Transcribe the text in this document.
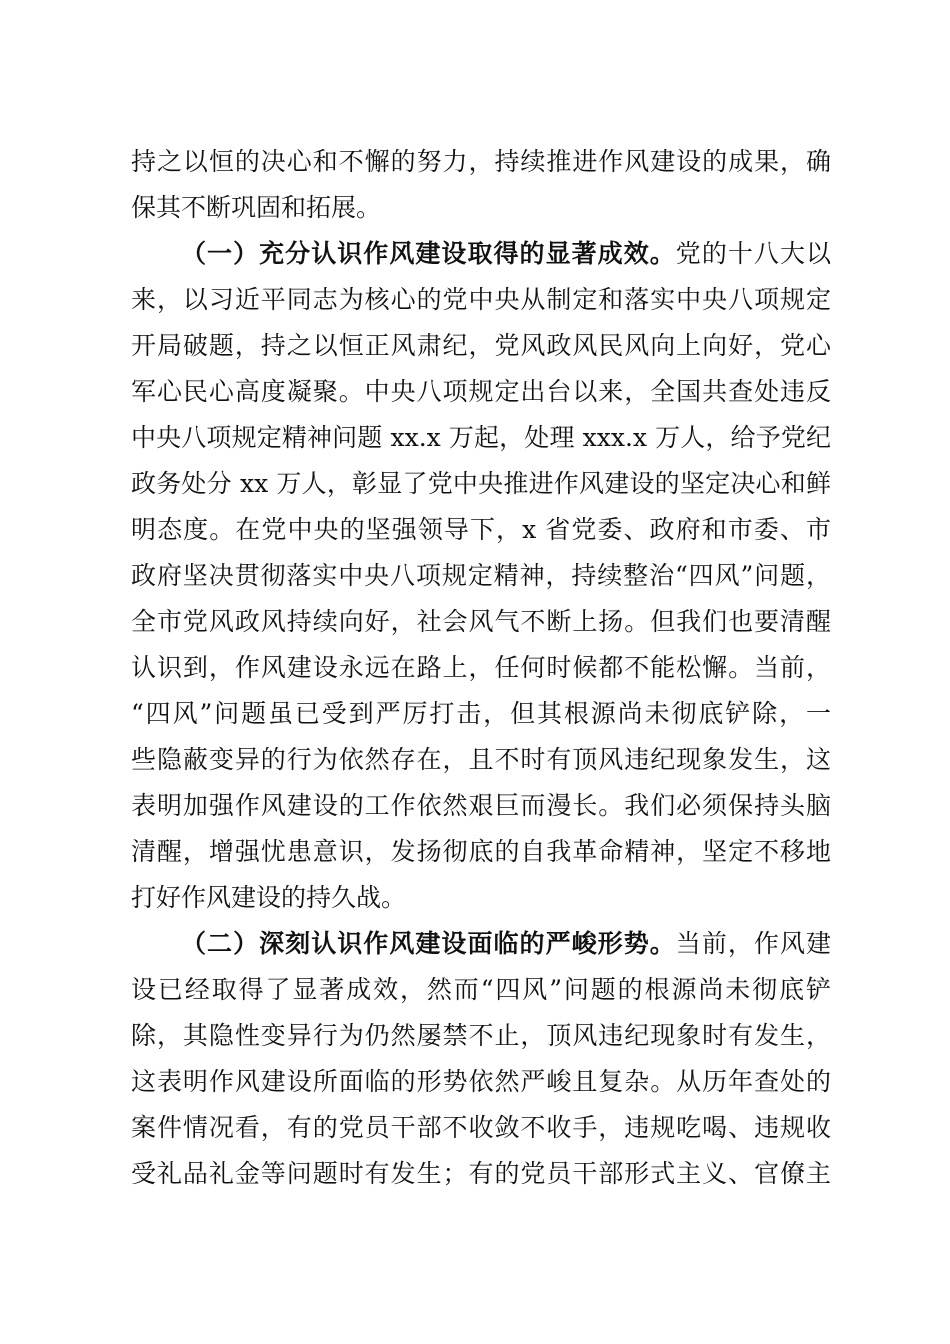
持之以恒的决心和不懈的努力，持续推进作风建设的成果，确
保其不断巩固和拓展。
（一）充分认识作风建设取得的显著成效。党的十八大以
来，以习近平同志为核心的党中央从制定和落实中央八项规定
开局破题，持之以恒正风肃纪，党风政风民风向上向好，党心
军心民心高度凝聚。中央八项规定出台以来，全国共查处违反
中央八项规定精神问题 xx.x 万起，处理 xxx.x 万人，给予党纪
政务处分 xx 万人，彰显了党中央推进作风建设的坚定决心和鲜
明态度。在党中央的坚强领导下，x 省党委、政府和市委、市
政府坚决贯彻落实中央八项规定精神，持续整治“四风”问题，
全市党风政风持续向好，社会风气不断上扬。但我们也要清醒
认识到，作风建设永远在路上，任何时候都不能松懈。当前，
“四风”问题虽已受到严厉打击，但其根源尚未彻底铲除，一
些隐蔽变异的行为依然存在，且不时有顶风违纪现象发生，这
表明加强作风建设的工作依然艰巨而漫长。我们必须保持头脑
清醒，增强忧患意识，发扬彻底的自我革命精神，坚定不移地
打好作风建设的持久战。
（二）深刻认识作风建设面临的严峻形势。当前，作风建
设已经取得了显著成效，然而“四风”问题的根源尚未彻底铲
除，其隐性变异行为仍然屡禁不止，顶风违纪现象时有发生，
这表明作风建设所面临的形势依然严峻且复杂。从历年查处的
案件情况看，有的党员干部不收敛不收手，违规吃喝、违规收
受礼品礼金等问题时有发生；有的党员干部形式主义、官僚主
